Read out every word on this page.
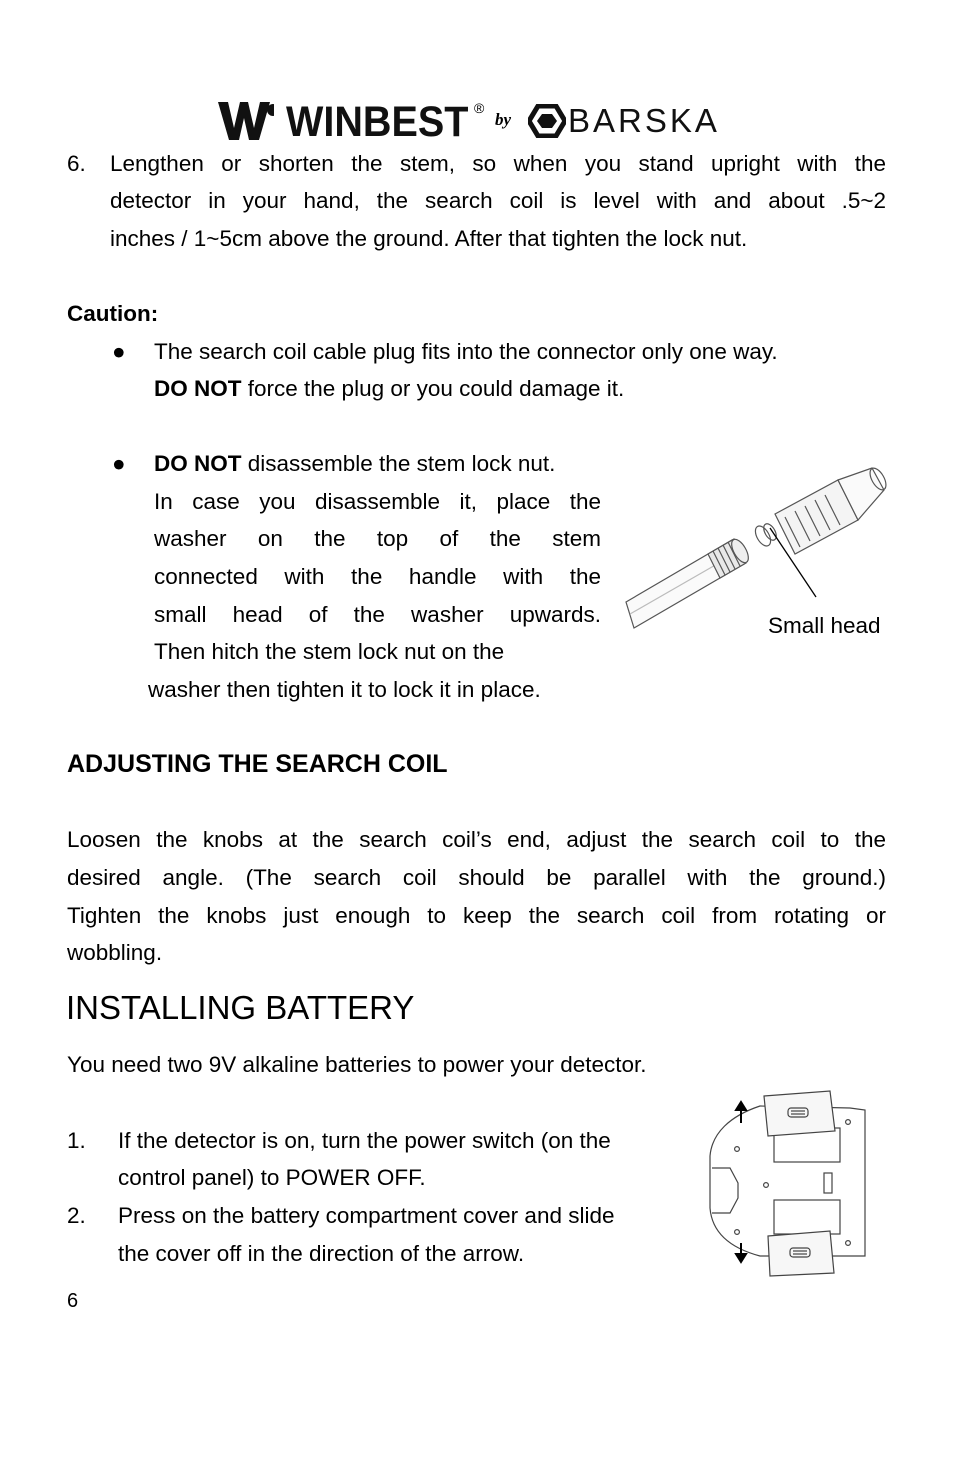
WINBEST ®
by BARSKA
6. Lengthen or shorten the stem, so when you stand upright with the
detector in your hand, the search coil is level with and about .5~2
inches / 1~5cm above the ground. After that tighten the lock nut.
Caution:
● The search coil cable plug fits into the connector only one way.
DO NOT force the plug or you could damage it.
● DO NOT disassemble the stem lock nut.
In case you disassemble it, place the
washer on the top of the stem
connected with the handle with the
small head of the washer upwards.
Then hitch the stem lock nut on the
washer then tighten it to lock it in place.
Small head
ADJUSTING THE SEARCH COIL
Loosen the knobs at the search coil’s end, adjust the search coil to the
desired angle. (The search coil should be parallel with the ground.)
Tighten the knobs just enough to keep the search coil from rotating or
wobbling.
INSTALLING BATTERY
You need two 9V alkaline batteries to power your detector.
1. If the detector is on, turn the power switch (on the
control panel) to POWER OFF.
2. Press on the battery compartment cover and slide
the cover off in the direction of the arrow.
6
